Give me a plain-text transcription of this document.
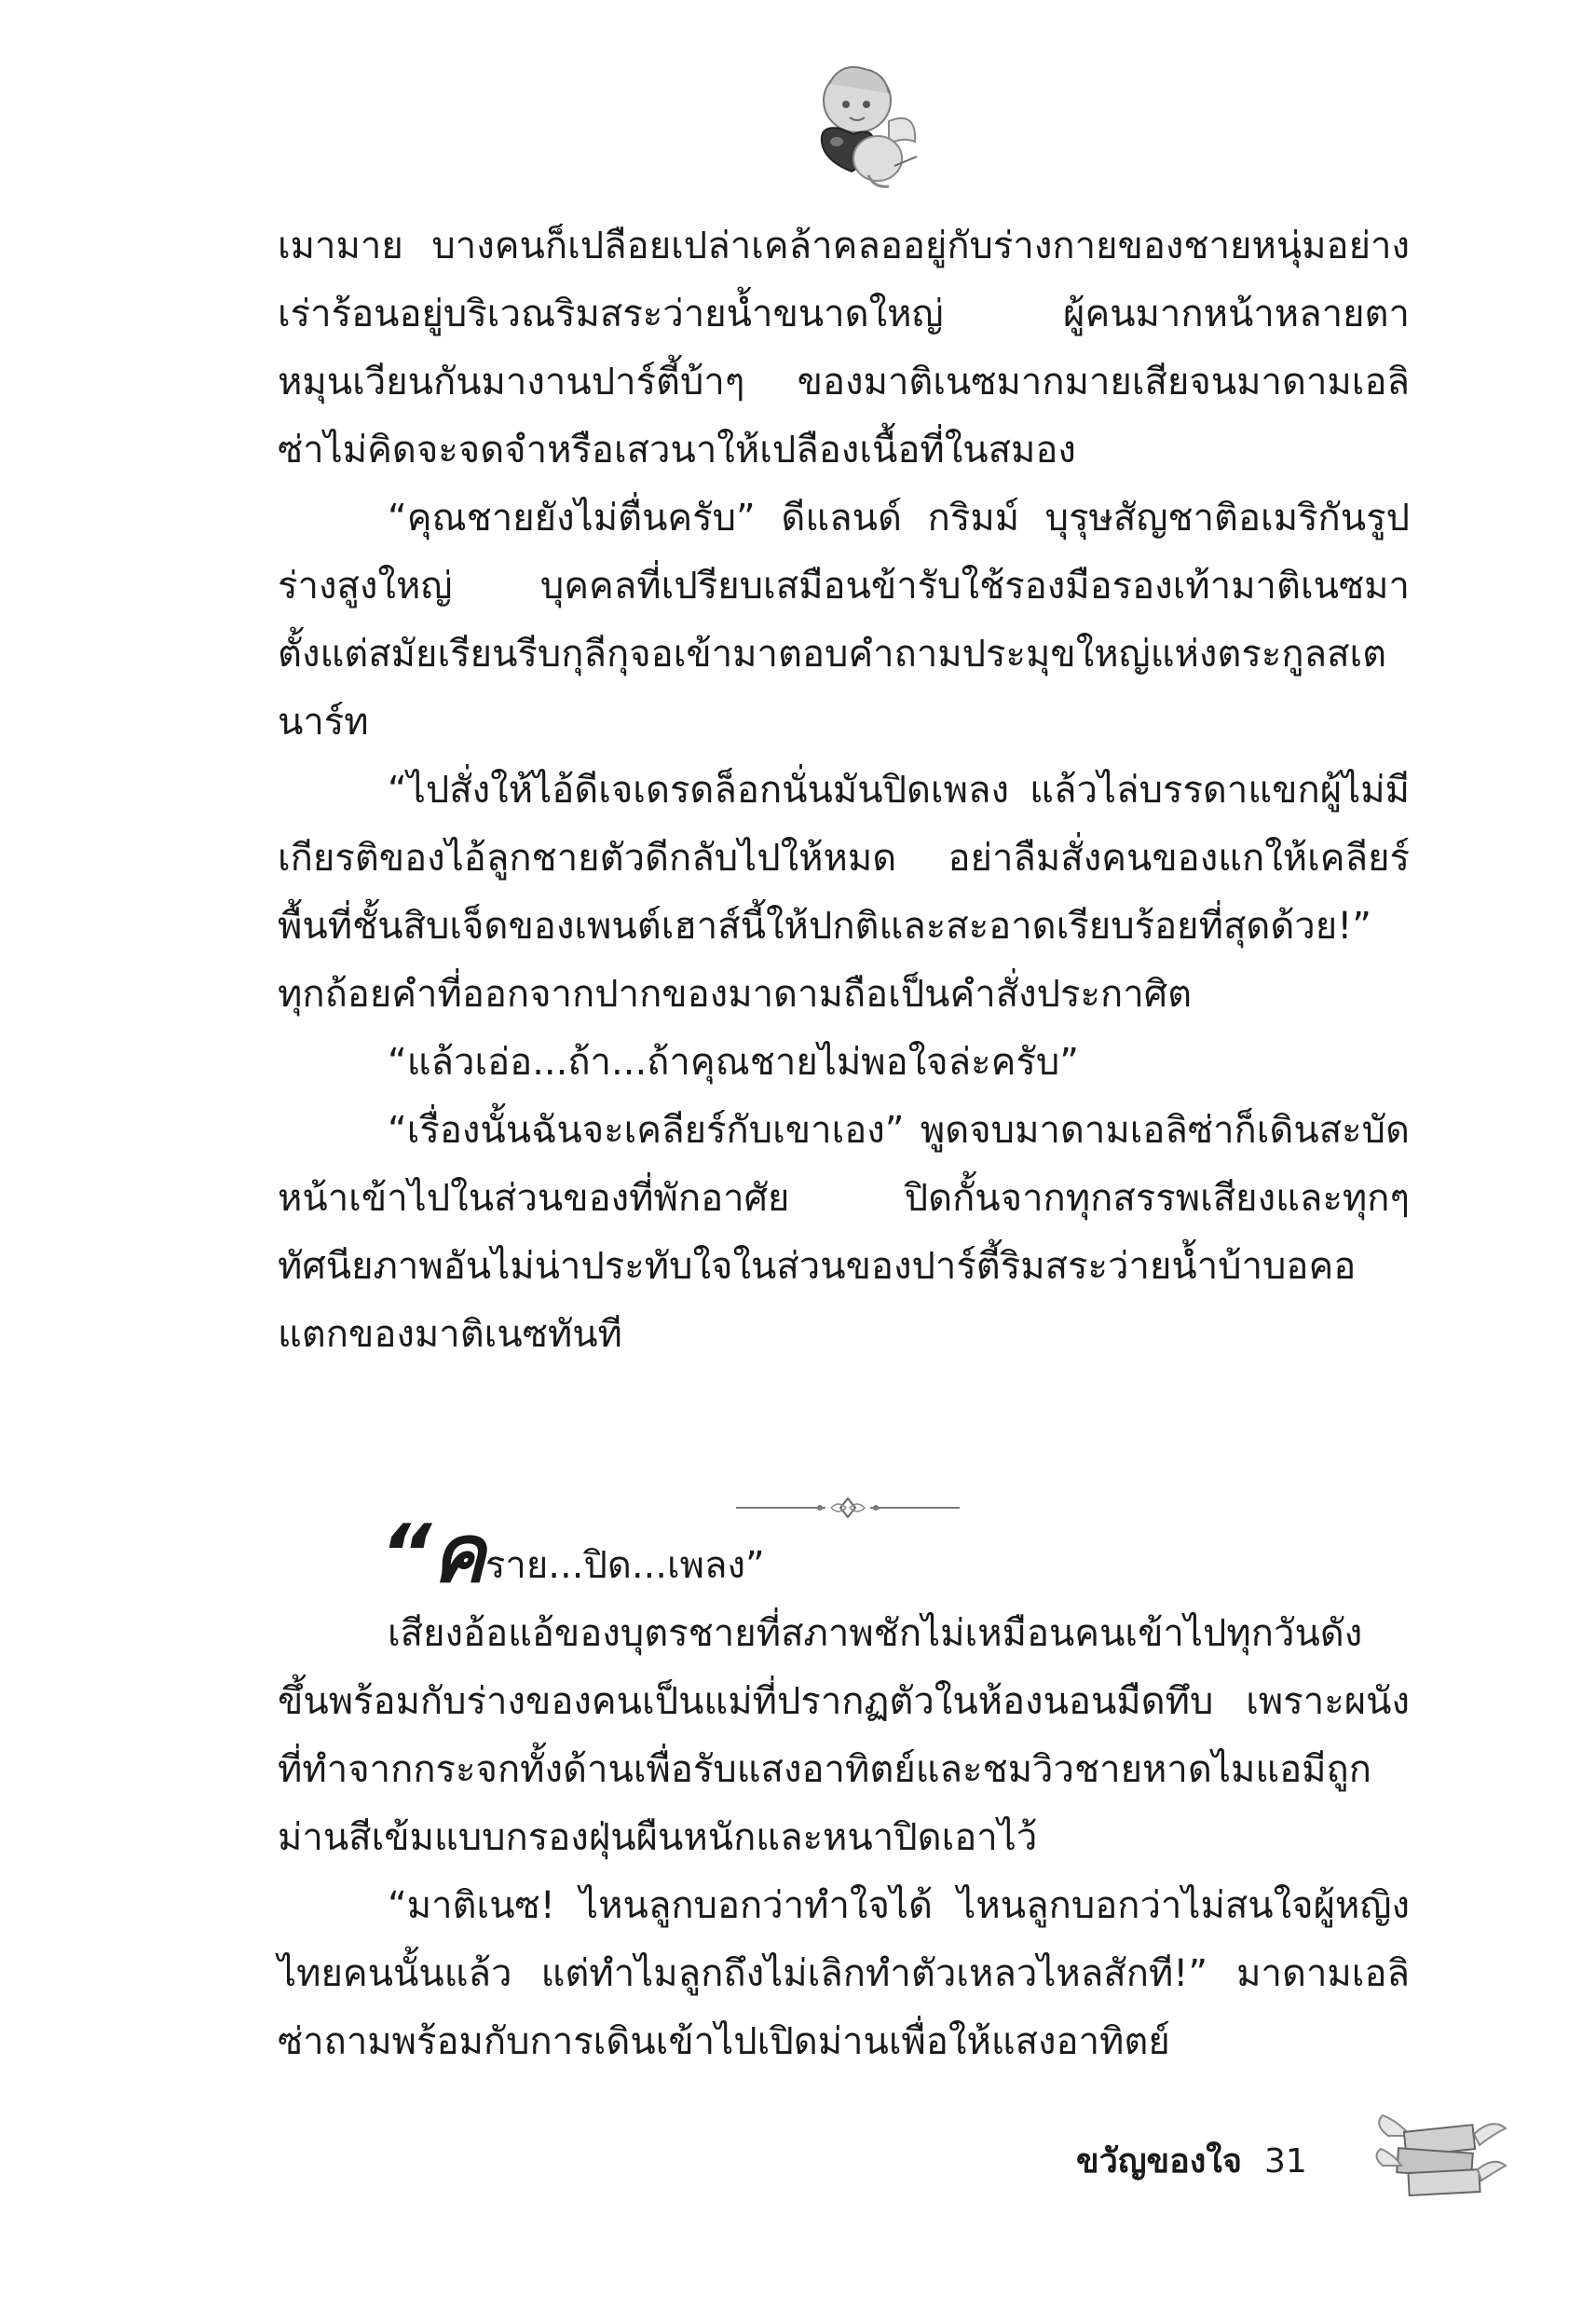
เมามาย บางคนก็เปลือยเปล่าเคล้าคลออยู่กับร่างกายของชายหนุ่มอย่างเร่าร้อนอยู่บริเวณริมสระว่ายน้ำขนาดใหญ่ ผู้คนมากหน้าหลายตาหมุนเวียนกันมางานปาร์ตี้บ้าๆ ของมาติเนซมากมายเสียจนมาดามเอลิซ่าไม่คิดจะจดจำหรือเสวนาให้เปลืองเนื้อที่ในสมอง

“คุณชายยังไม่ตื่นครับ” ดีแลนด์ กริมม์ บุรุษสัญชาติอเมริกันรูปร่างสูงใหญ่ บุคคลที่เปรียบเสมือนข้ารับใช้รองมือรองเท้ามาติเนซมาตั้งแต่สมัยเรียนรีบกุลีกุจอเข้ามาตอบคำถามประมุขใหญ่แห่งตระกูลสเตนาร์ท

“ไปสั่งให้ไอ้ดีเจเดรดล็อกนั่นมันปิดเพลง แล้วไล่บรรดาแขกผู้ไม่มีเกียรติของไอ้ลูกชายตัวดีกลับไปให้หมด อย่าลืมสั่งคนของแกให้เคลียร์พื้นที่ชั้นสิบเจ็ดของเพนต์เฮาส์นี้ให้ปกติและสะอาดเรียบร้อยที่สุดด้วย!” ทุกถ้อยคำที่ออกจากปากของมาดามถือเป็นคำสั่งประกาศิต

“แล้วเอ่อ...ถ้า...ถ้าคุณชายไม่พอใจล่ะครับ”

“เรื่องนั้นฉันจะเคลียร์กับเขาเอง” พูดจบมาดามเอลิซ่าก็เดินสะบัดหน้าเข้าไปในส่วนของที่พักอาศัย ปิดกั้นจากทุกสรรพเสียงและทุกๆ ทัศนียภาพอันไม่น่าประทับใจในส่วนของปาร์ตี้ริมสระว่ายน้ำบ้าบอคอแตกของมาติเนซทันที

“คราย...ปิด...เพลง”

เสียงอ้อแอ้ของบุตรชายที่สภาพชักไม่เหมือนคนเข้าไปทุกวันดังขึ้นพร้อมกับร่างของคนเป็นแม่ที่ปรากฏตัวในห้องนอนมืดทึบ เพราะผนังที่ทำจากกระจกทั้งด้านเพื่อรับแสงอาทิตย์และชมวิวชายหาดไมแอมีถูกม่านสีเข้มแบบกรองฝุ่นผืนหนักและหนาปิดเอาไว้

“มาติเนซ! ไหนลูกบอกว่าทำใจได้ ไหนลูกบอกว่าไม่สนใจผู้หญิงไทยคนนั้นแล้ว แต่ทำไมลูกถึงไม่เลิกทำตัวเหลวไหลสักที!” มาดามเอลิซ่าถามพร้อมกับการเดินเข้าไปเปิดม่านเพื่อให้แสงอาทิตย์

ขวัญของใจ 31
